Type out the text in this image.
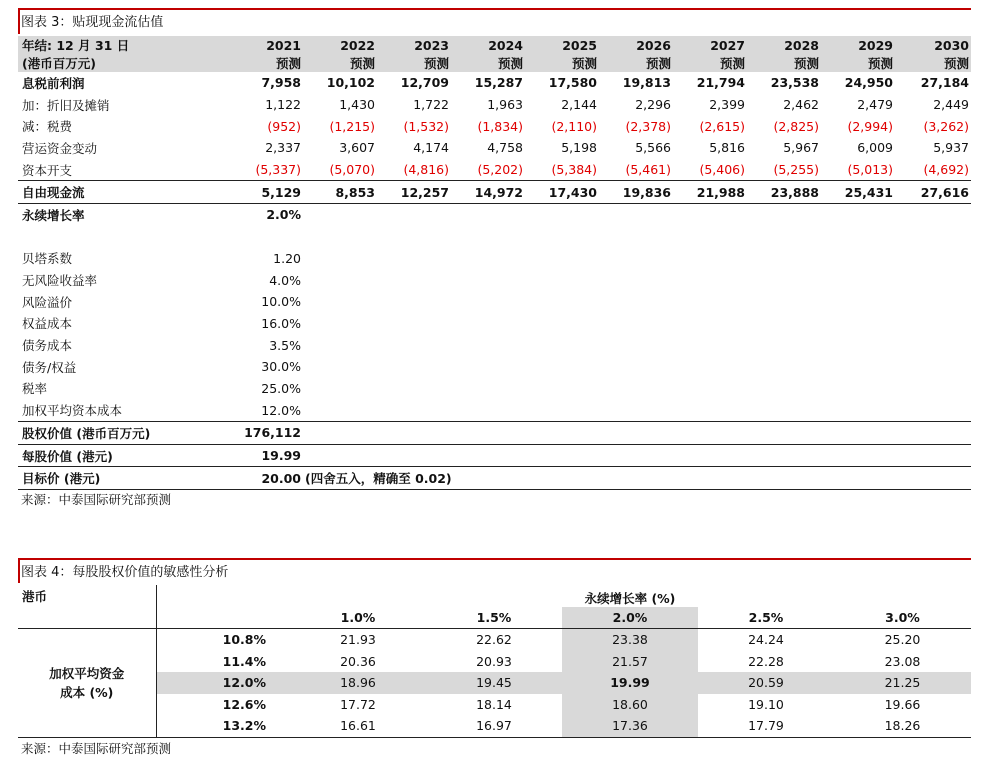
图表 3：贴现现金流估值
年结: 12 月 31 日	2021	2022	2023	2024	2025	2026	2027	2028	2029	2030
(港币百万元)	预测	预测	预测	预测	预测	预测	预测	预测	预测	预测
息税前利润	7,958	10,102	12,709	15,287	17,580	19,813	21,794	23,538	24,950	27,184
加：折旧及摊销	1,122	1,430	1,722	1,963	2,144	2,296	2,399	2,462	2,479	2,449
减：税费	(952)	(1,215)	(1,532)	(1,834)	(2,110)	(2,378)	(2,615)	(2,825)	(2,994)	(3,262)
营运资金变动	2,337	3,607	4,174	4,758	5,198	5,566	5,816	5,967	6,009	5,937
资本开支	(5,337)	(5,070)	(4,816)	(5,202)	(5,384)	(5,461)	(5,406)	(5,255)	(5,013)	(4,692)
自由现金流	5,129	8,853	12,257	14,972	17,430	19,836	21,988	23,888	25,431	27,616
永续增长率	2.0%									

贝塔系数	1.20									
无风险收益率	4.0%									
风险溢价	10.0%									
权益成本	16.0%									
债务成本	3.5%									
债务/权益	30.0%									
税率	25.0%									
加权平均资本成本	12.0%									
股权价值 (港币百万元)	176,112									
每股价值 (港元)	19.99									
目标价 (港元)	20.00	(四舍五入，精确至 0.02)								
来源：中泰国际研究部预测
图表 4：每股股权价值的敏感性分析
港币				永续增长率 (%)		
		1.0%	1.5%	2.0%	2.5%	3.0%

加权平均资金
成本 (%)	10.8%	21.93	22.62	23.38	24.24	25.20
	11.4%	20.36	20.93	21.57	22.28	23.08
	12.0%	18.96	19.45	19.99	20.59	21.25
	12.6%	17.72	18.14	18.60	19.10	19.66
	13.2%	16.61	16.97	17.36	17.79	18.26
来源：中泰国际研究部预测
